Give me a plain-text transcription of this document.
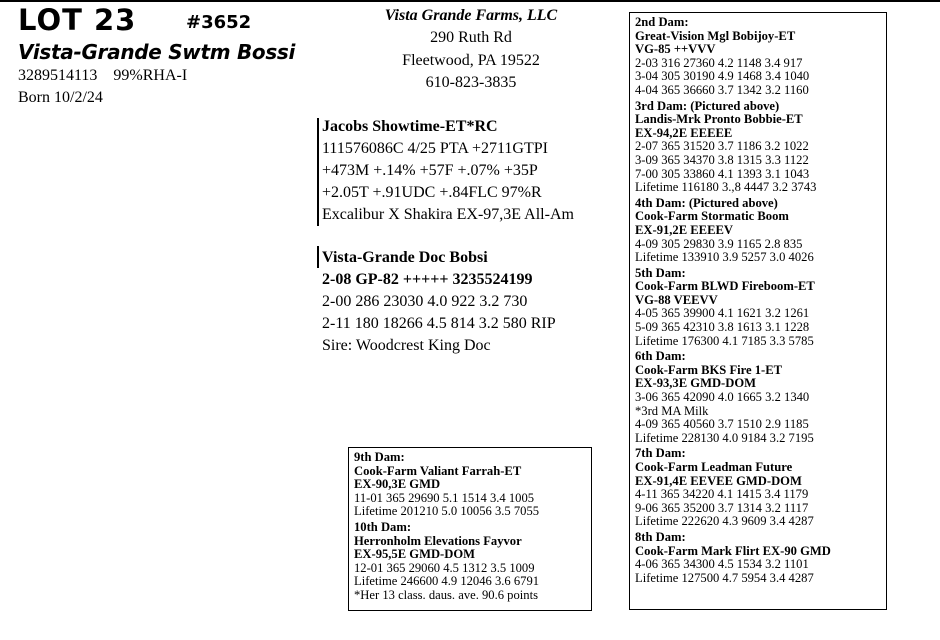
LOT 23	#3652
Vista-Grande Swtm Bossi
3289514113 99%RHA-I
Born 10/2/24
Vista Grande Farms, LLC
290 Ruth Rd
Fleetwood, PA 19522
610-823-3835
Jacobs Showtime-ET*RC
111576086C 4/25 PTA +2711GTPI
+473M +.14% +57F +.07% +35P
+2.05T +.91UDC +.84FLC 97%R
Excalibur X Shakira EX-97,3E All-Am
Vista-Grande Doc Bobsi
2-08 GP-82 +++++ 3235524199
2-00 286 23030 4.0 922 3.2 730
2-11 180 18266 4.5 814 3.2 580 RIP
Sire: Woodcrest King Doc
2nd Dam:
Great-Vision Mgl Bobijoy-ET
VG-85 ++VVV
2-03 316 27360 4.2 1148 3.4 917
3-04 305 30190 4.9 1468 3.4 1040
4-04 365 36660 3.7 1342 3.2 1160
3rd Dam: (Pictured above)
Landis-Mrk Pronto Bobbie-ET
EX-94,2E EEEEE
2-07 365 31520 3.7 1186 3.2 1022
3-09 365 34370 3.8 1315 3.3 1122
7-00 305 33860 4.1 1393 3.1 1043
Lifetime 116180 3.,8 4447 3.2 3743
4th Dam: (Pictured above)
Cook-Farm Stormatic Boom
EX-91,2E EEEEV
4-09 305 29830 3.9 1165 2.8 835
Lifetime 133910 3.9 5257 3.0 4026
5th Dam:
Cook-Farm BLWD Fireboom-ET
VG-88 VEEVV
4-05 365 39900 4.1 1621 3.2 1261
5-09 365 42310 3.8 1613 3.1 1228
Lifetime 176300 4.1 7185 3.3 5785
6th Dam:
Cook-Farm BKS Fire 1-ET
EX-93,3E GMD-DOM
3-06 365 42090 4.0 1665 3.2 1340
*3rd MA Milk
4-09 365 40560 3.7 1510 2.9 1185
Lifetime 228130 4.0 9184 3.2 7195
7th Dam:
Cook-Farm Leadman Future
EX-91,4E EEVEE GMD-DOM
4-11 365 34220 4.1 1415 3.4 1179
9-06 365 35200 3.7 1314 3.2 1117
Lifetime 222620 4.3 9609 3.4 4287
8th Dam:
Cook-Farm Mark Flirt EX-90 GMD
4-06 365 34300 4.5 1534 3.2 1101
Lifetime 127500 4.7 5954 3.4 4287
9th Dam:
Cook-Farm Valiant Farrah-ET
EX-90,3E GMD
11-01 365 29690 5.1 1514 3.4 1005
Lifetime 201210 5.0 10056 3.5 7055
10th Dam:
Herronholm Elevations Fayvor
EX-95,5E GMD-DOM
12-01 365 29060 4.5 1312 3.5 1009
Lifetime 246600 4.9 12046 3.6 6791
*Her 13 class. daus. ave. 90.6 points
